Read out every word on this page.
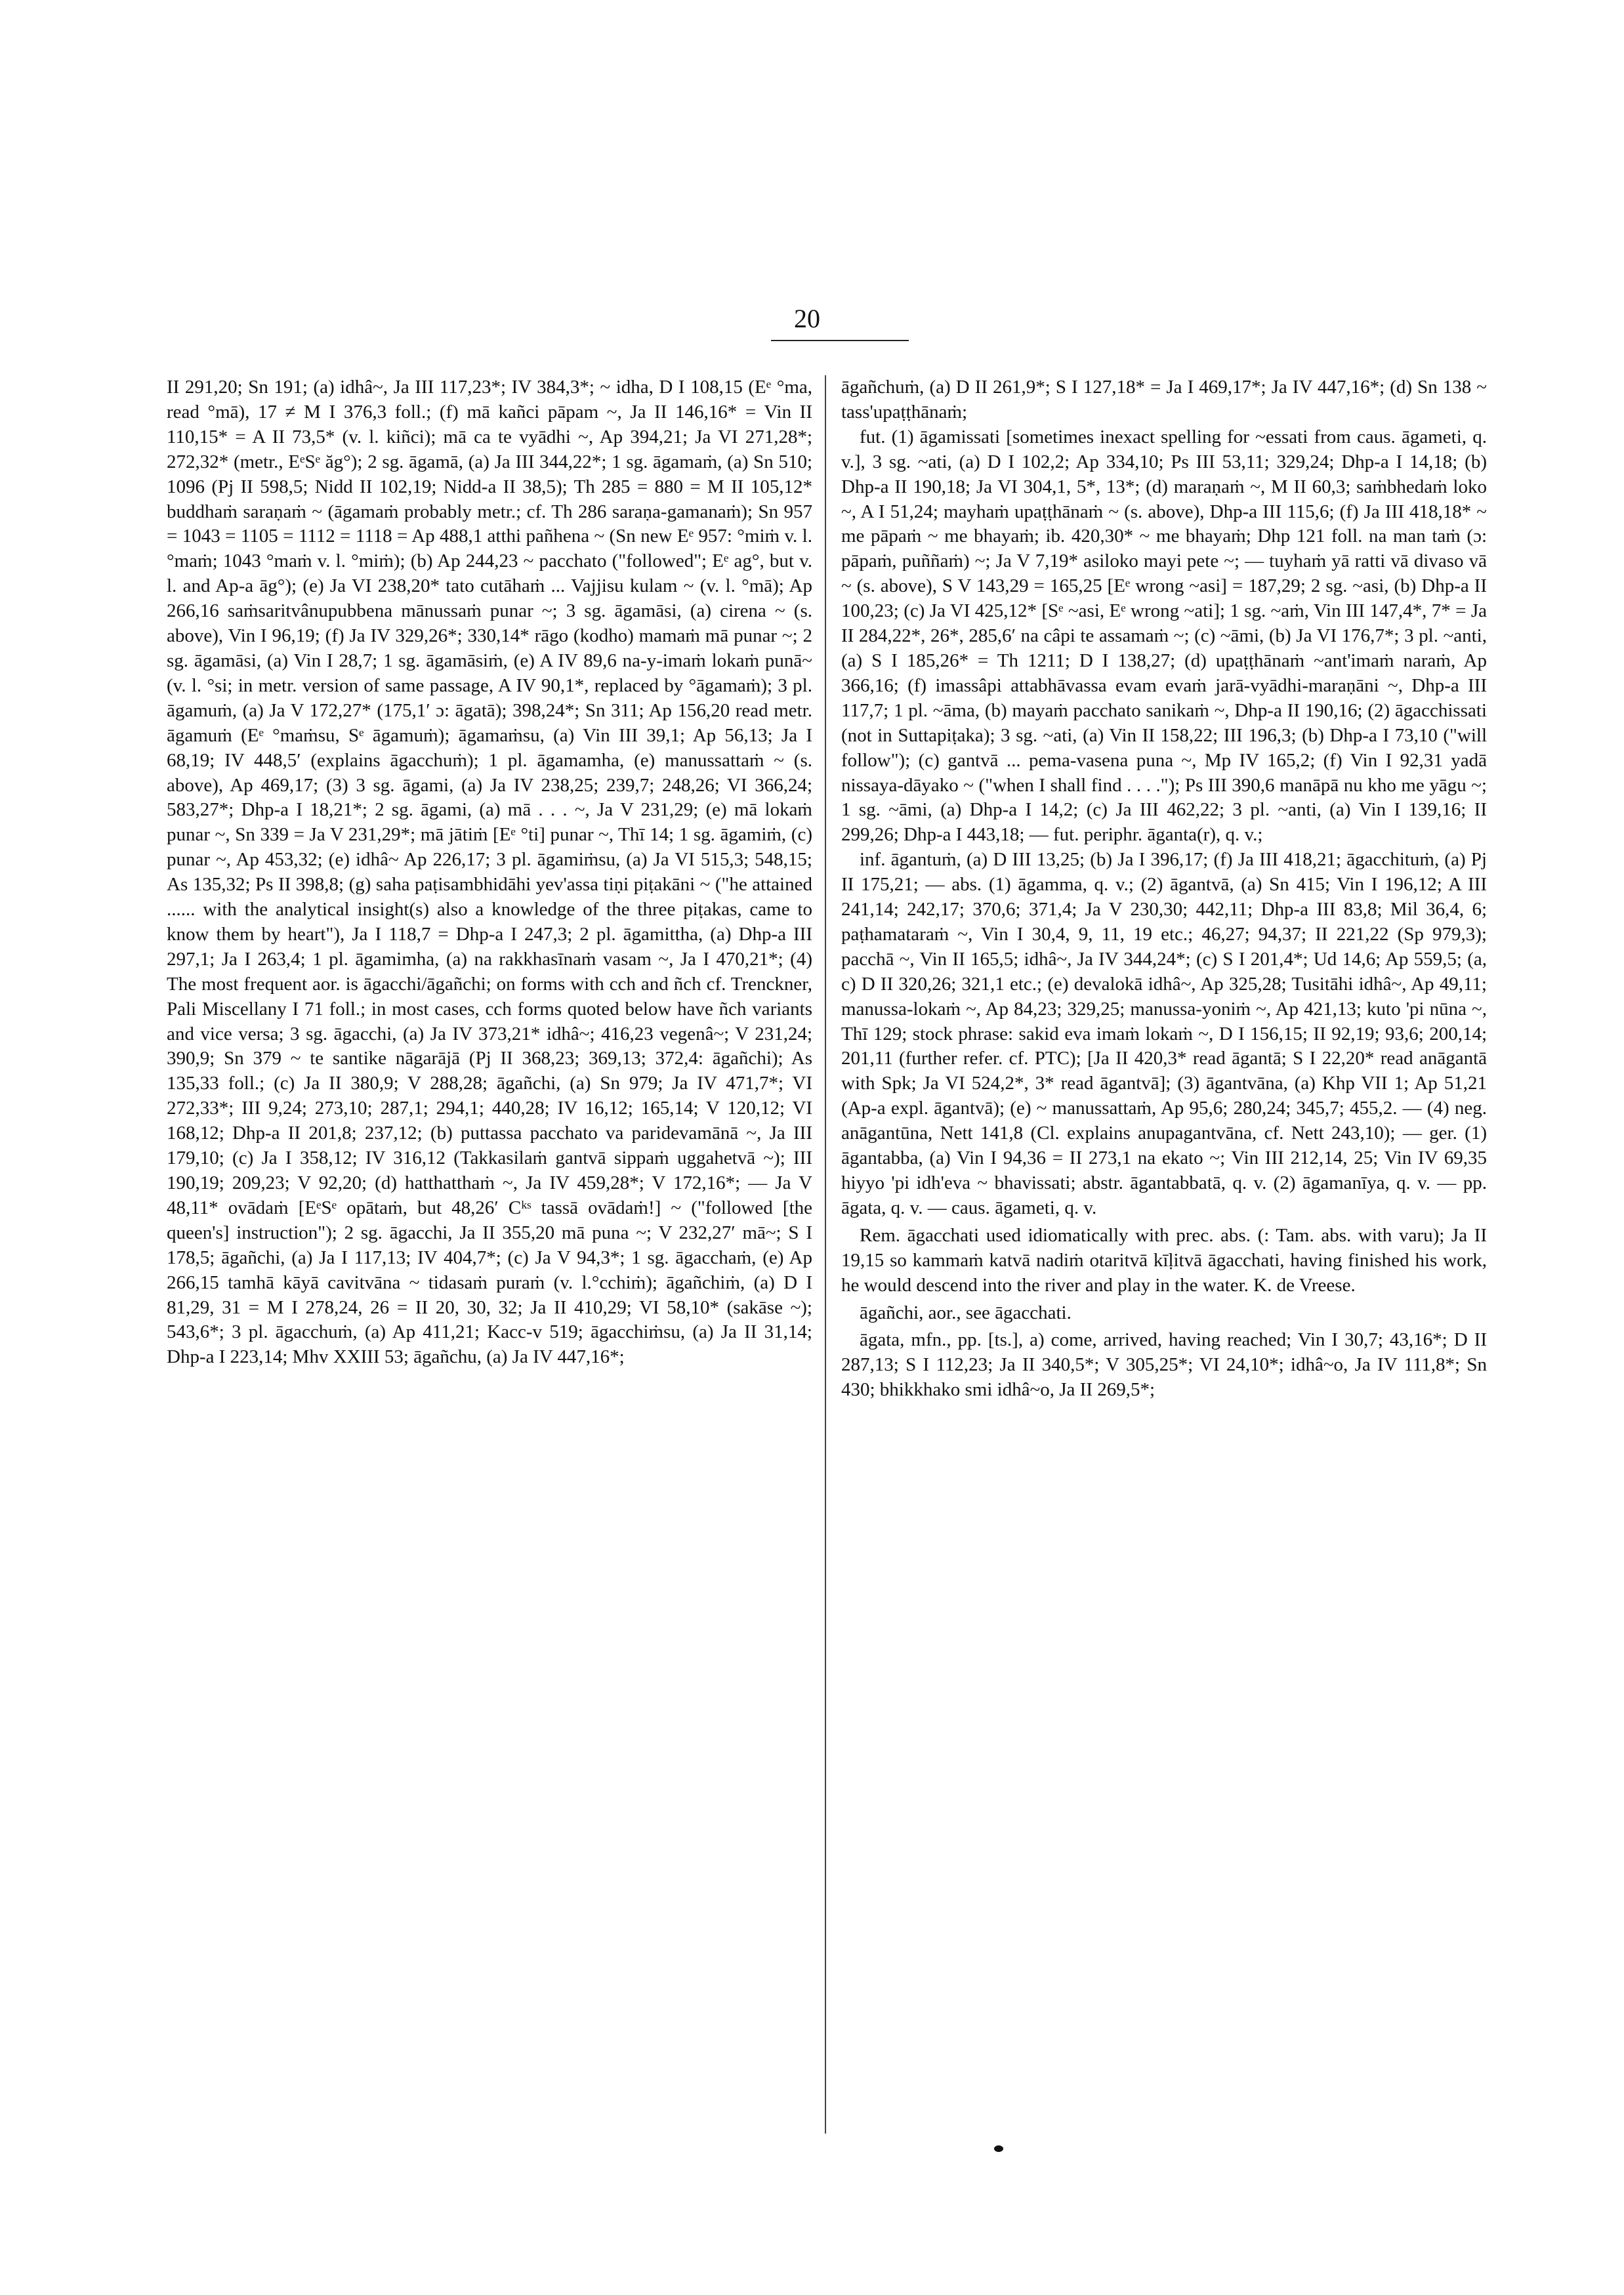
20

II 291,20; Sn 191; (a) idhâ~, Ja III 117,23*; IV 384,3*; ~ idha, D I 108,15 (Eᵉ °ma, read °mā), 17 ≠ M I 376,3 foll.; (f) mā kañci pāpam ~, Ja II 146,16* = Vin II 110,15* = A II 73,5* (v. l. kiñci); mā ca te vyādhi ~, Ap 394,21; Ja VI 271,28*; 272,32* (metr., EᵉSᵉ ăg°); 2 sg. āgamā, (a) Ja III 344,22*; 1 sg. āgamaṁ, (a) Sn 510; 1096 (Pj II 598,5; Nidd II 102,19; Nidd-a II 38,5); Th 285 = 880 = M II 105,12* buddhaṁ saraṇaṁ ~ (āgamaṁ probably metr.; cf. Th 286 saraṇa-gamanaṁ); Sn 957 = 1043 = 1105 = 1112 = 1118 = Ap 488,1 atthi pañhena ~ (Sn new Eᵉ 957: °miṁ v. l. °maṁ; 1043 °maṁ v. l. °miṁ); (b) Ap 244,23 ~ pacchato ("followed"; Eᵉ ag°, but v. l. and Ap-a āg°); (e) Ja VI 238,20* tato cutāhaṁ ... Vajjisu kulam ~ (v. l. °mā); Ap 266,16 saṁsaritvânupubbena mānussaṁ punar ~; 3 sg. āgamāsi, (a) cirena ~ (s. above), Vin I 96,19; (f) Ja IV 329,26*; 330,14* rāgo (kodho) mamaṁ mā punar ~; 2 sg. āgamāsi, (a) Vin I 28,7; 1 sg. āgamāsiṁ, (e) A IV 89,6 na-y-imaṁ lokaṁ punā~ (v. l. °si; in metr. version of same passage, A IV 90,1*, replaced by °āgamaṁ); 3 pl. āgamuṁ, (a) Ja V 172,27* (175,1′ ɔ: āgatā); 398,24*; Sn 311; Ap 156,20 read metr. āgamuṁ (Eᵉ °maṁsu, Sᵉ āgamuṁ); āgamaṁsu, (a) Vin III 39,1; Ap 56,13; Ja I 68,19; IV 448,5′ (explains āgacchuṁ); 1 pl. āgamamha, (e) manussattaṁ ~ (s. above), Ap 469,17; (3) 3 sg. āgami, (a) Ja IV 238,25; 239,7; 248,26; VI 366,24; 583,27*; Dhp-a I 18,21*; 2 sg. āgami, (a) mā . . . ~, Ja V 231,29; (e) mā lokaṁ punar ~, Sn 339 = Ja V 231,29*; mā jātiṁ [Eᵉ °ti] punar ~, Thī 14; 1 sg. āgamiṁ, (c) punar ~, Ap 453,32; (e) idhâ~ Ap 226,17; 3 pl. āgamiṁsu, (a) Ja VI 515,3; 548,15; As 135,32; Ps II 398,8; (g) saha paṭisambhidāhi yev'assa tiṇi piṭakāni ~ ("he attained ...... with the analytical insight(s) also a knowledge of the three piṭakas, came to know them by heart"), Ja I 118,7 = Dhp-a I 247,3; 2 pl. āgamittha, (a) Dhp-a III 297,1; Ja I 263,4; 1 pl. āgamimha, (a) na rakkhasīnaṁ vasam ~, Ja I 470,21*; (4) The most frequent aor. is āgacchi/āgañchi; on forms with cch and ñch cf. Trenckner, Pali Miscellany I 71 foll.; in most cases, cch forms quoted below have ñch variants and vice versa; 3 sg. āgacchi, (a) Ja IV 373,21* idhâ~; 416,23 vegenâ~; V 231,24; 390,9; Sn 379 ~ te santike nāgarājā (Pj II 368,23; 369,13; 372,4: āgañchi); As 135,33 foll.; (c) Ja II 380,9; V 288,28; āgañchi, (a) Sn 979; Ja IV 471,7*; VI 272,33*; III 9,24; 273,10; 287,1; 294,1; 440,28; IV 16,12; 165,14; V 120,12; VI 168,12; Dhp-a II 201,8; 237,12; (b) puttassa pacchato va paridevamānā ~, Ja III 179,10; (c) Ja I 358,12; IV 316,12 (Takkasilaṁ gantvā sippaṁ uggahetvā ~); III 190,19; 209,23; V 92,20; (d) hatthatthaṁ ~, Ja IV 459,28*; V 172,16*; — Ja V 48,11* ovādaṁ [EᵉSᵉ opātaṁ, but 48,26′ Cᵏˢ tassā ovādaṁ!] ~ ("followed [the queen's] instruction"); 2 sg. āgacchi, Ja II 355,20 mā puna ~; V 232,27′ mā~; S I 178,5; āgañchi, (a) Ja I 117,13; IV 404,7*; (c) Ja V 94,3*; 1 sg. āgacchaṁ, (e) Ap 266,15 tamhā kāyā cavitvāna ~ tidasaṁ puraṁ (v. l.°cchiṁ); āgañchiṁ, (a) D I 81,29, 31 = M I 278,24, 26 = II 20, 30, 32; Ja II 410,29; VI 58,10* (sakāse ~); 543,6*; 3 pl. āgacchuṁ, (a) Ap 411,21; Kacc-v 519; āgacchiṁsu, (a) Ja II 31,14; Dhp-a I 223,14; Mhv XXIII 53; āgañchu, (a) Ja IV 447,16*;

āgañchuṁ, (a) D II 261,9*; S I 127,18* = Ja I 469,17*; Ja IV 447,16*; (d) Sn 138 ~ tass'upaṭṭhānaṁ;

fut. (1) āgamissati [sometimes inexact spelling for ~essati from caus. āgameti, q. v.], 3 sg. ~ati, (a) D I 102,2; Ap 334,10; Ps III 53,11; 329,24; Dhp-a I 14,18; (b) Dhp-a II 190,18; Ja VI 304,1, 5*, 13*; (d) maraṇaṁ ~, M II 60,3; saṁbhedaṁ loko ~, A I 51,24; mayhaṁ upaṭṭhānaṁ ~ (s. above), Dhp-a III 115,6; (f) Ja III 418,18* ~ me pāpaṁ ~ me bhayaṁ; ib. 420,30* ~ me bhayaṁ; Dhp 121 foll. na man taṁ (ɔ: pāpaṁ, puññaṁ) ~; Ja V 7,19* asiloko mayi pete ~; — tuyhaṁ yā ratti vā divaso vā ~ (s. above), S V 143,29 = 165,25 [Eᵉ wrong ~asi] = 187,29; 2 sg. ~asi, (b) Dhp-a II 100,23; (c) Ja VI 425,12* [Sᵉ ~asi, Eᵉ wrong ~ati]; 1 sg. ~aṁ, Vin III 147,4*, 7* = Ja II 284,22*, 26*, 285,6′ na câpi te assamaṁ ~; (c) ~āmi, (b) Ja VI 176,7*; 3 pl. ~anti, (a) S I 185,26* = Th 1211; D I 138,27; (d) upaṭṭhānaṁ ~ant'imaṁ naraṁ, Ap 366,16; (f) imassâpi attabhāvassa evam evaṁ jarā-vyādhi-maraṇāni ~, Dhp-a III 117,7; 1 pl. ~āma, (b) mayaṁ pacchato sanikaṁ ~, Dhp-a II 190,16; (2) āgacchissati (not in Suttapiṭaka); 3 sg. ~ati, (a) Vin II 158,22; III 196,3; (b) Dhp-a I 73,10 ("will follow"); (c) gantvā ... pema-vasena puna ~, Mp IV 165,2; (f) Vin I 92,31 yadā nissaya-dāyako ~ ("when I shall find . . . ."); Ps III 390,6 manāpā nu kho me yāgu ~; 1 sg. ~āmi, (a) Dhp-a I 14,2; (c) Ja III 462,22; 3 pl. ~anti, (a) Vin I 139,16; II 299,26; Dhp-a I 443,18; — fut. periphr. āganta(r), q. v.;

inf. āgantuṁ, (a) D III 13,25; (b) Ja I 396,17; (f) Ja III 418,21; āgacchituṁ, (a) Pj II 175,21; — abs. (1) āgamma, q. v.; (2) āgantvā, (a) Sn 415; Vin I 196,12; A III 241,14; 242,17; 370,6; 371,4; Ja V 230,30; 442,11; Dhp-a III 83,8; Mil 36,4, 6; paṭhamataraṁ ~, Vin I 30,4, 9, 11, 19 etc.; 46,27; 94,37; II 221,22 (Sp 979,3); pacchā ~, Vin II 165,5; idhâ~, Ja IV 344,24*; (c) S I 201,4*; Ud 14,6; Ap 559,5; (a, c) D II 320,26; 321,1 etc.; (e) devalokā idhâ~, Ap 325,28; Tusitāhi idhâ~, Ap 49,11; manussa-lokaṁ ~, Ap 84,23; 329,25; manussa-yoniṁ ~, Ap 421,13; kuto 'pi nūna ~, Thī 129; stock phrase: sakid eva imaṁ lokaṁ ~, D I 156,15; II 92,19; 93,6; 200,14; 201,11 (further refer. cf. PTC); [Ja II 420,3* read āgantā; S I 22,20* read anāgantā with Spk; Ja VI 524,2*, 3* read āgantvā]; (3) āgantvāna, (a) Khp VII 1; Ap 51,21 (Ap-a expl. āgantvā); (e) ~ manussattaṁ, Ap 95,6; 280,24; 345,7; 455,2. — (4) neg. anāgantūna, Nett 141,8 (Cl. explains anupagantvāna, cf. Nett 243,10); — ger. (1) āgantabba, (a) Vin I 94,36 = II 273,1 na ekato ~; Vin III 212,14, 25; Vin IV 69,35 hiyyo 'pi idh'eva ~ bhavissati; abstr. āgantabbatā, q. v. (2) āgamanīya, q. v. — pp. āgata, q. v. — caus. āgameti, q. v.

Rem. āgacchati used idiomatically with prec. abs. (: Tam. abs. with varu); Ja II 19,15 so kammaṁ katvā nadiṁ otaritvā kīḷitvā āgacchati, having finished his work, he would descend into the river and play in the water. K. de Vreese.

āgañchi, aor., see āgacchati.

āgata, mfn., pp. [ts.], a) come, arrived, having reached; Vin I 30,7; 43,16*; D II 287,13; S I 112,23; Ja II 340,5*; V 305,25*; VI 24,10*; idhâ~o, Ja IV 111,8*; Sn 430; bhikkhako smi idhâ~o, Ja II 269,5*;
